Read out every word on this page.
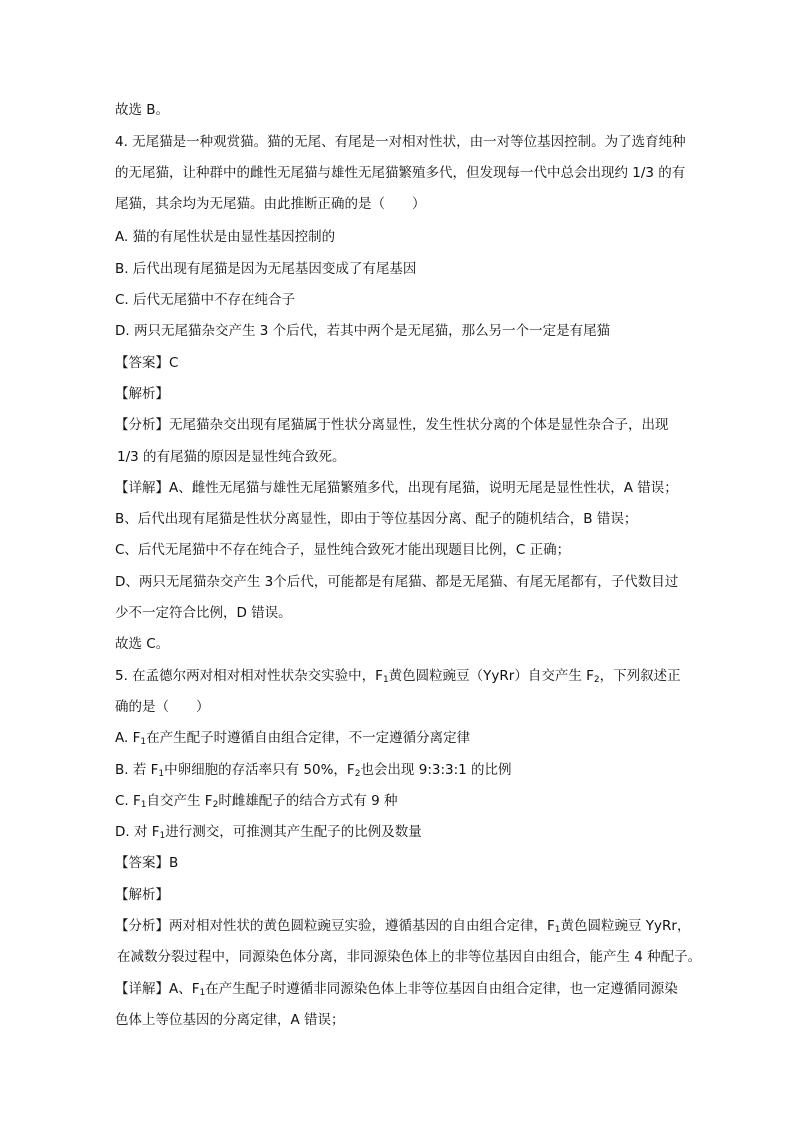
故选 B。
4. 无尾猫是一种观赏猫。猫的无尾、有尾是一对相对性状，由一对等位基因控制。为了选育纯种
的无尾猫，让种群中的雌性无尾猫与雄性无尾猫繁殖多代，但发现每一代中总会出现约 1/3 的有
尾猫，其余均为无尾猫。由此推断正确的是（　　）
A. 猫的有尾性状是由显性基因控制的
B. 后代出现有尾猫是因为无尾基因变成了有尾基因
C. 后代无尾猫中不存在纯合子
D. 两只无尾猫杂交产生 3 个后代，若其中两个是无尾猫，那么另一个一定是有尾猫
【答案】C
【解析】
【分析】无尾猫杂交出现有尾猫属于性状分离显性，发生性状分离的个体是显性杂合子，出现
1/3 的有尾猫的原因是显性纯合致死。
【详解】A、雌性无尾猫与雄性无尾猫繁殖多代，出现有尾猫，说明无尾是显性性状，A 错误；
B、后代出现有尾猫是性状分离显性，即由于等位基因分离、配子的随机结合，B 错误；
C、后代无尾猫中不存在纯合子，显性纯合致死才能出现题目比例，C 正确；
D、两只无尾猫杂交产生 3个后代，可能都是有尾猫、都是无尾猫、有尾无尾都有，子代数目过
少不一定符合比例，D 错误。
故选 C。
5. 在孟德尔两对相对相对性状杂交实验中，$F_1$黄色圆粒豌豆（YyRr）自交产生 $F_2$，下列叙述正
确的是（　　）
A. $F_1$在产生配子时遵循自由组合定律，不一定遵循分离定律
B. 若 $F_1$中卵细胞的存活率只有 50%，$F_2$也会出现 9:3:3:1 的比例
C. $F_1$自交产生 $F_2$时雌雄配子的结合方式有 9 种
D. 对 $F_1$进行测交，可推测其产生配子的比例及数量
【答案】B
【解析】
【分析】两对相对性状的黄色圆粒豌豆实验，遵循基因的自由组合定律，$F_1$黄色圆粒豌豆 YyRr，
在减数分裂过程中，同源染色体分离，非同源染色体上的非等位基因自由组合，能产生 4 种配子。
【详解】A、$F_1$在产生配子时遵循非同源染色体上非等位基因自由组合定律，也一定遵循同源染
色体上等位基因的分离定律，A 错误；
